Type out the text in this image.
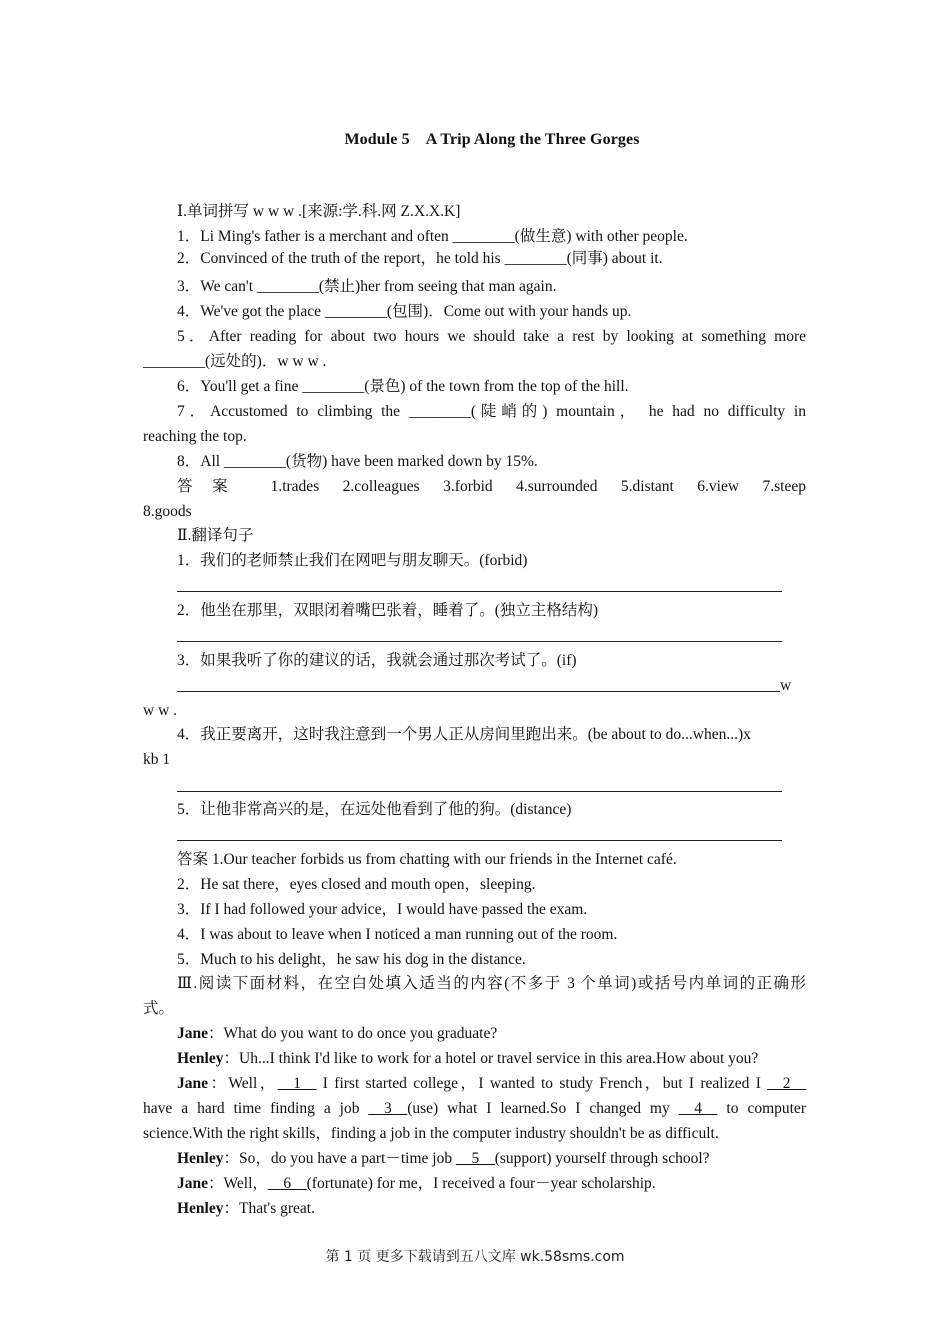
Module 5　A Trip Along the Three Gorges
Ⅰ.单词拼写 w w w .[来源:学.科.网 Z.X.X.K]
1．Li Ming's father is a merchant and often ________(做生意) with other people.
2．Convinced of the truth of the report，he told his ________(同事) about it.
3．We can't ________(禁止)her from seeing that man again.
4．We've got the place ________(包围)．Come out with your hands up.
5．After reading for about two hours we should take a rest by looking at something more
________(远处的)．w w w .
6．You'll get a fine ________(景色) of the town from the top of the hill.
7．Accustomed to climbing the ________(陡峭的) mountain， he had no difficulty in
reaching the top.
8．All ________(货物) have been marked down by 15%.
答案 1.trades 2.colleagues 3.forbid 4.surrounded 5.distant 6.view 7.steep
8.goods
Ⅱ.翻译句子
1．我们的老师禁止我们在网吧与朋友聊天。(forbid)
2．他坐在那里，双眼闭着嘴巴张着，睡着了。(独立主格结构)
3．如果我听了你的建议的话，我就会通过那次考试了。(if)
w
w w .
4．我正要离开，这时我注意到一个男人正从房间里跑出来。(be about to do...when...)x
kb 1
5．让他非常高兴的是，在远处他看到了他的狗。(distance)
答案 1.Our teacher forbids us from chatting with our friends in the Internet café.
2．He sat there，eyes closed and mouth open，sleeping.
3．If I had followed your advice，I would have passed the exam.
4．I was about to leave when I noticed a man running out of the room.
5．Much to his delight，he saw his dog in the distance.
Ⅲ.阅读下面材料，在空白处填入适当的内容(不多于 3 个单词)或括号内单词的正确形
式。
Jane：What do you want to do once you graduate?
Henley：Uh...I think I'd like to work for a hotel or travel service in this area.How about you?
Jane：Well，__1__ I first started college，I wanted to study French，but I realized I __2__
have a hard time finding a job __3__(use) what I learned.So I changed my __4__ to computer
science.With the right skills，finding a job in the computer industry shouldn't be as difficult.
Henley：So，do you have a part－time job __5__(support) yourself through school?
Jane：Well，__6__(fortunate) for me，I received a four－year scholarship.
Henley：That's great.
第 1 页 更多下载请到五八文库 wk.58sms.com
